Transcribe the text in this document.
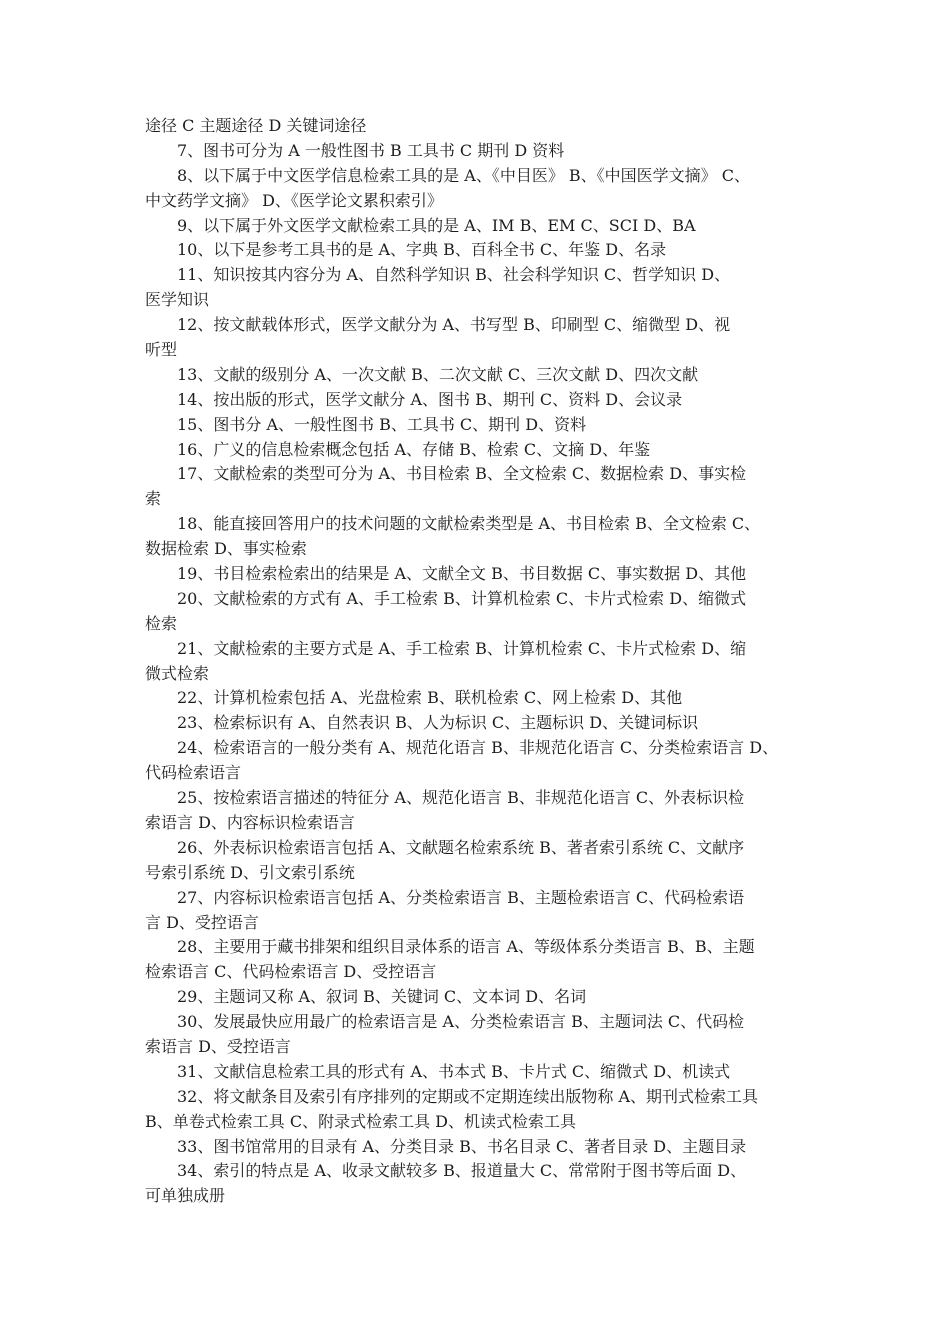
途径 C 主题途径 D 关键词途径
7、图书可分为 A 一般性图书 B 工具书 C 期刊 D 资料
8、以下属于中文医学信息检索工具的是 A、《中目医》 B、《中国医学文摘》 C、
中文药学文摘》 D、《医学论文累积索引》
9、以下属于外文医学文献检索工具的是 A、IM B、EM C、SCI D、BA
10、以下是参考工具书的是 A、字典 B、百科全书 C、年鉴 D、名录
11、知识按其内容分为 A、自然科学知识 B、社会科学知识 C、哲学知识 D、
医学知识
12、按文献载体形式，医学文献分为 A、书写型 B、印刷型 C、缩微型 D、视
听型
13、文献的级别分 A、一次文献 B、二次文献 C、三次文献 D、四次文献
14、按出版的形式，医学文献分 A、图书 B、期刊 C、资料 D、会议录
15、图书分 A、一般性图书 B、工具书 C、期刊 D、资料
16、广义的信息检索概念包括 A、存储 B、检索 C、文摘 D、年鉴
17、文献检索的类型可分为 A、书目检索 B、全文检索 C、数据检索 D、事实检
索
18、能直接回答用户的技术问题的文献检索类型是 A、书目检索 B、全文检索 C、
数据检索 D、事实检索
19、书目检索检索出的结果是 A、文献全文 B、书目数据 C、事实数据 D、其他
20、文献检索的方式有 A、手工检索 B、计算机检索 C、卡片式检索 D、缩微式
检索
21、文献检索的主要方式是 A、手工检索 B、计算机检索 C、卡片式检索 D、缩
微式检索
22、计算机检索包括 A、光盘检索 B、联机检索 C、网上检索 D、其他
23、检索标识有 A、自然表识 B、人为标识 C、主题标识 D、关键词标识
24、检索语言的一般分类有 A、规范化语言 B、非规范化语言 C、分类检索语言 D、
代码检索语言
25、按检索语言描述的特征分 A、规范化语言 B、非规范化语言 C、外表标识检
索语言 D、内容标识检索语言
26、外表标识检索语言包括 A、文献题名检索系统 B、著者索引系统 C、文献序
号索引系统 D、引文索引系统
27、内容标识检索语言包括 A、分类检索语言 B、主题检索语言 C、代码检索语
言 D、受控语言
28、主要用于藏书排架和组织目录体系的语言 A、等级体系分类语言 B、B、主题
检索语言 C、代码检索语言 D、受控语言
29、主题词又称 A、叙词 B、关键词 C、文本词 D、名词
30、发展最快应用最广的检索语言是 A、分类检索语言 B、主题词法 C、代码检
索语言 D、受控语言
31、文献信息检索工具的形式有 A、书本式 B、卡片式 C、缩微式 D、机读式
32、将文献条目及索引有序排列的定期或不定期连续出版物称 A、期刊式检索工具
B、单卷式检索工具 C、附录式检索工具 D、机读式检索工具
33、图书馆常用的目录有 A、分类目录 B、书名目录 C、著者目录 D、主题目录
34、索引的特点是 A、收录文献较多 B、报道量大 C、常常附于图书等后面 D、
可单独成册
